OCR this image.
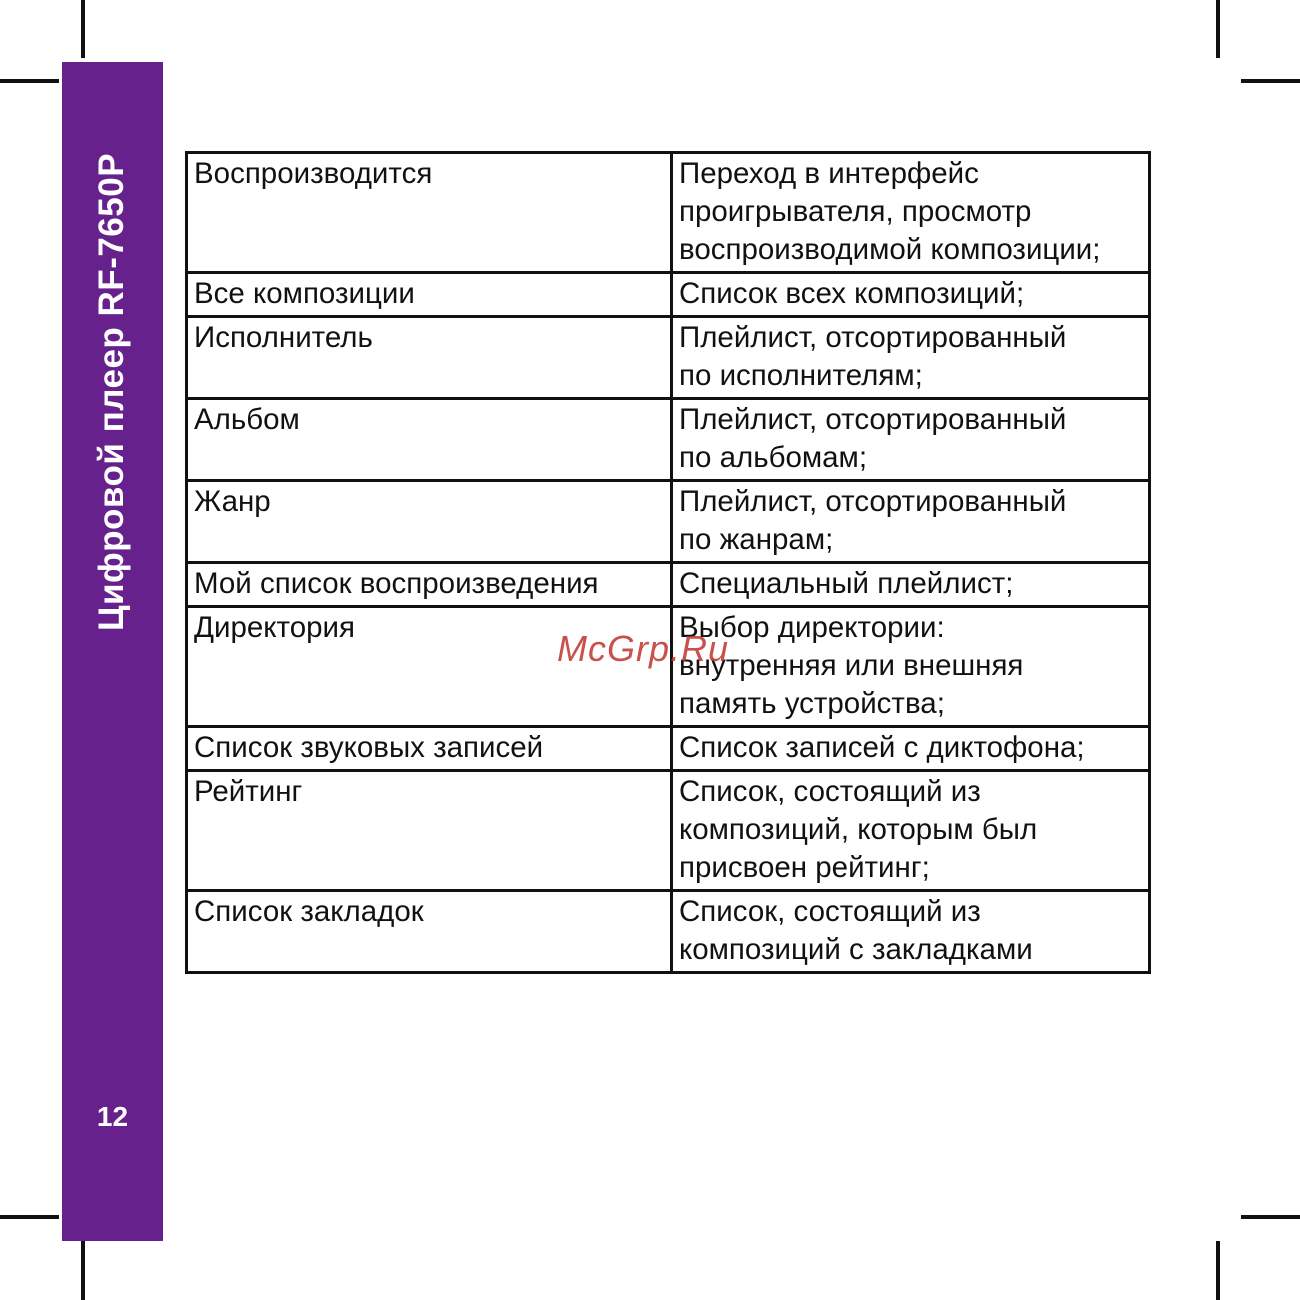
Цифровой плеер RF-7650P
12
Воспроизводится	Переход в интерфейс
проигрывателя, просмотр
воспроизводимой композиции;
Все композиции	Список всех композиций;
Исполнитель	Плейлист, отсортированный
по исполнителям;
Альбом	Плейлист, отсортированный
по альбомам;
Жанр	Плейлист, отсортированный
по жанрам;
Мой список воспроизведения	Специальный плейлист;
Директория	Выбор директории:
внутренняя или внешняя
память устройства;
Список звуковых записей	Список записей с диктофона;
Рейтинг	Список, состоящий из
композиций, которым был
присвоен рейтинг;
Список закладок	Список, состоящий из
композиций с закладками
McGrp.Ru
